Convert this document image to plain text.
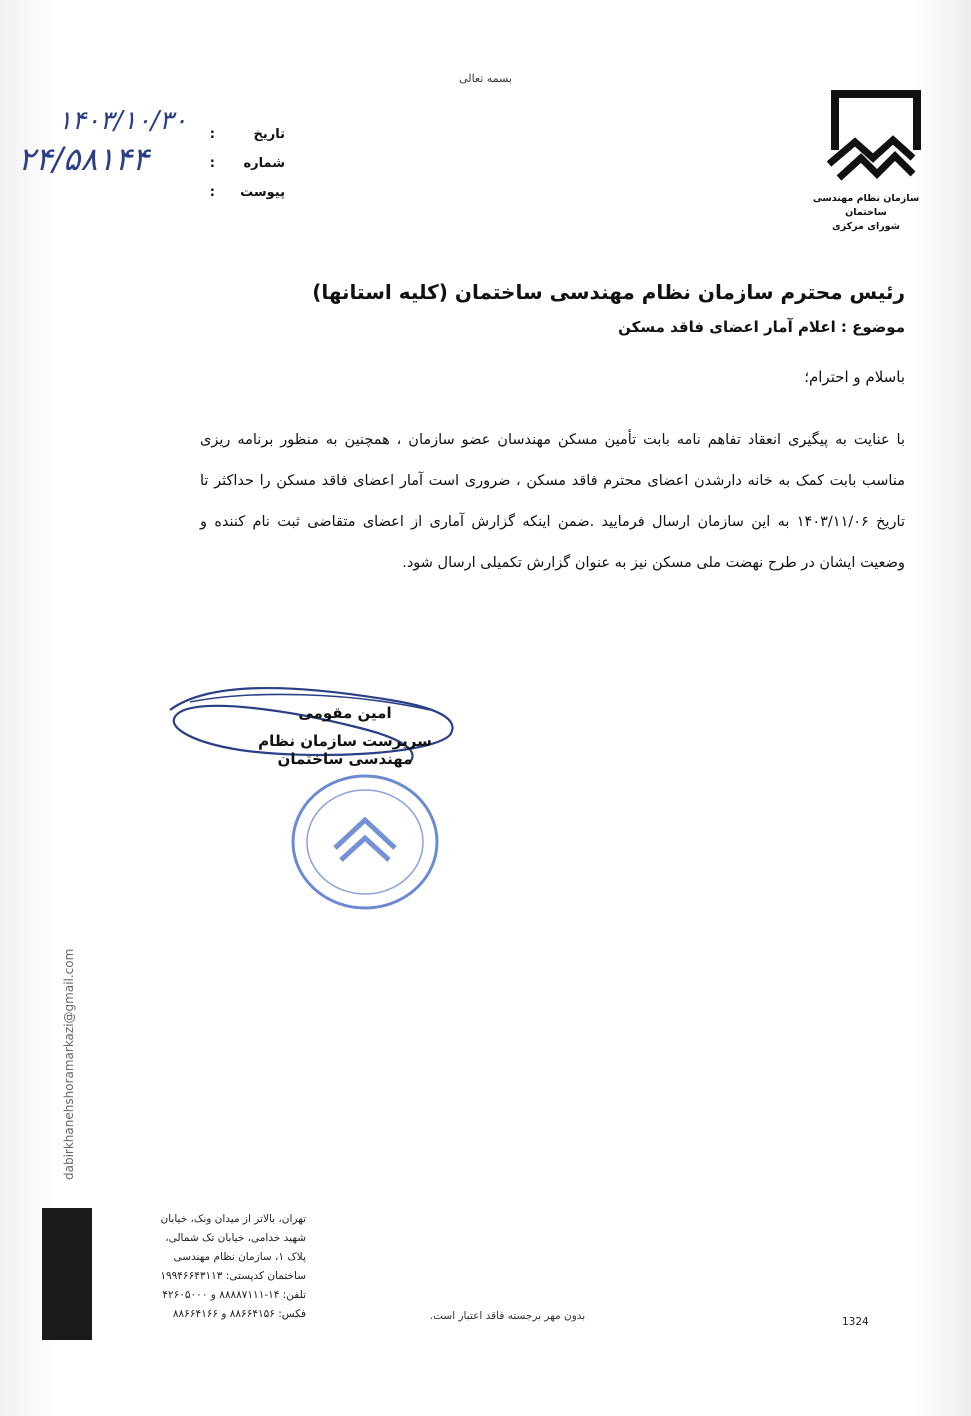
بسمه تعالی
سازمان نظام مهندسی ساختمان
شورای مرکزی
تاریخ
:
شماره
:
پیوست
:
۱۴۰۳/۱۰/۳۰
۲۴/۵۸۱۴۴
رئیس محترم سازمان نظام مهندسی ساختمان (کلیه استانها)
موضوع : اعلام آمار اعضای فاقد مسکن
باسلام و احترام؛
با عنایت به پیگیری انعقاد تفاهم نامه بابت تأمین مسکن مهندسان عضو سازمان ، همچنین به منظور برنامه ریزی مناسب بابت کمک به خانه دارشدن اعضای محترم فاقد مسکن ، ضروری است آمار اعضای فاقد مسکن را حداکثر تا تاریخ ۱۴۰۳/۱۱/۰۶ به این سازمان ارسال فرمایید .ضمن اینکه گزارش آماری از اعضای متقاضی ثبت نام کننده و وضعیت ایشان در طرح نهضت ملی مسکن نیز به عنوان گزارش تکمیلی ارسال شود.
امین مقومی
سرپرست سازمان نظام مهندسی ساختمان
dabirkhanehshoramarkazi@gmail.com
تهران، بالاتر از میدان ونک، خیابان
شهید خدامی، خیابان تک شمالی،
پلاک ۱، سازمان نظام مهندسی
ساختمان کدپستی: ۱۹۹۴۶۶۴۳۱۱۳
تلفن: ۱۴-۸۸۸۸۷۱۱۱ و ۴۲۶۰۵۰۰۰
فکس: ۸۸۶۶۴۱۵۶ و ۸۸۶۶۴۱۶۶	بدون مهر برجسته فاقد اعتبار است.	1324
